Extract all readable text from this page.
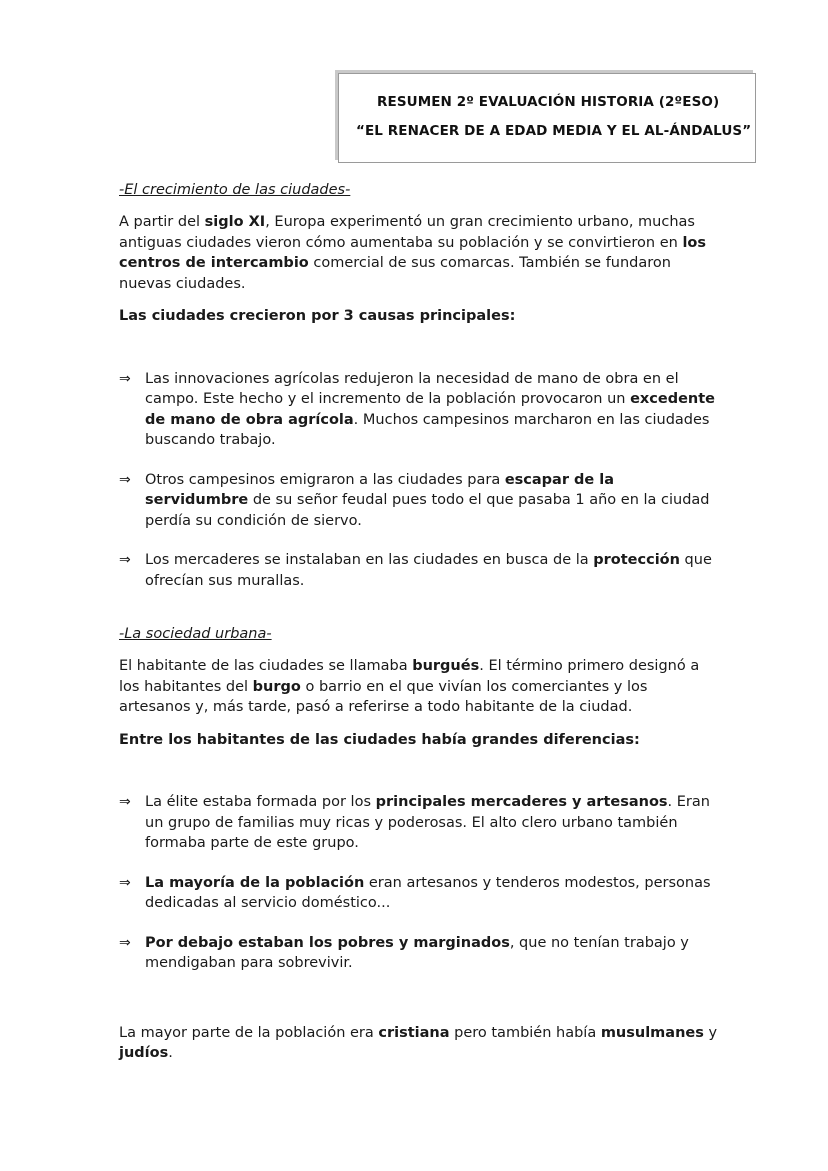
RESUMEN 2º EVALUACIÓN HISTORIA (2ºESO)
“EL RENACER DE A EDAD MEDIA Y EL AL-ÁNDALUS”
-El crecimiento de las ciudades-

A partir del siglo XI, Europa experimentó un gran crecimiento urbano, muchas antiguas ciudades vieron cómo aumentaba su población y se convirtieron en los centros de intercambio comercial de sus comarcas. También se fundaron nuevas ciudades.

Las ciudades crecieron por 3 causas principales:

⇒ Las innovaciones agrícolas redujeron la necesidad de mano de obra en el campo. Este hecho y el incremento de la población provocaron un excedente de mano de obra agrícola. Muchos campesinos marcharon en las ciudades buscando trabajo.
⇒ Otros campesinos emigraron a las ciudades para escapar de la servidumbre de su señor feudal pues todo el que pasaba 1 año en la ciudad perdía su condición de siervo.
⇒ Los mercaderes se instalaban en las ciudades en busca de la protección que ofrecían sus murallas.
-La sociedad urbana-

El habitante de las ciudades se llamaba burgués. El término primero designó a los habitantes del burgo o barrio en el que vivían los comerciantes y los artesanos y, más tarde, pasó a referirse a todo habitante de la ciudad.

Entre los habitantes de las ciudades había grandes diferencias:

⇒ La élite estaba formada por los principales mercaderes y artesanos. Eran un grupo de familias muy ricas y poderosas. El alto clero urbano también formaba parte de este grupo.
⇒ La mayoría de la población eran artesanos y tenderos modestos, personas dedicadas al servicio doméstico...
⇒ Por debajo estaban los pobres y marginados, que no tenían trabajo y mendigaban para sobrevivir.

La mayor parte de la población era cristiana pero también había musulmanes y judíos.
